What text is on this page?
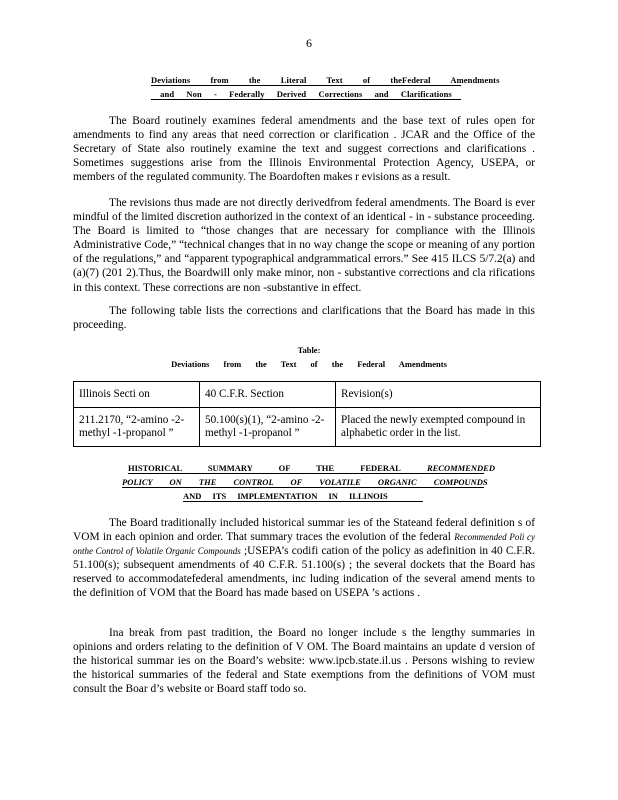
6
Deviations from the Literal Text of theFederal Amendments
and Non - Federally Derived Corrections and Clarifications

The Board routinely examines federal amendments and the base text of rules open for amendments to find any areas that need correction or clarification . JCAR and the Office of the Secretary of State also routinely examine the text and suggest corrections and clarifications . Sometimes suggestions arise from the Illinois Environmental Protection Agency, USEPA, or members of the regulated community. The Boardoften makes r evisions as a result.

The revisions thus made are not directly derivedfrom federal amendments. The Board is ever mindful of the limited discretion authorized in the context of an identical - in - substance proceeding. The Board is limited to “those changes that are necessary for compliance with the Illinois Administrative Code,” “technical changes that in no way change the scope or meaning of any portion of the regulations,” and “apparent typographical andgrammatical errors.” See 415 ILCS 5/7.2(a) and (a)(7) (201 2).Thus, the Boardwill only make minor, non - substantive corrections and cla rifications in this context. These corrections are non -substantive in effect.

The following table lists the corrections and clarifications that the Board has made in this proceeding.

Table:
Deviations from the Text of the Federal Amendments
Illinois Secti on	40 C.F.R. Section	Revision(s)
211.2170, “2-amino -2-methyl -1-propanol ”	50.100(s)(1), “2-amino -2-methyl -1-propanol ”	Placed the newly exempted compound in alphabetic order in the list.
HISTORICAL SUMMARY OF THE FEDERAL	RECOMMENDED
POLICY ON THE CONTROL OF VOLATILE ORGANIC COMPOUNDS
AND ITS IMPLEMENTATION IN ILLINOIS

The Board traditionally included historical summar ies of the Stateand federal definition s of VOM in each opinion and order. That summary traces the evolution of the federal Recommended Poli cy onthe Control of Volatile Organic Compounds ;USEPA’s codifi cation of the policy as adefinition in 40 C.F.R. 51.100(s); subsequent amendments of 40 C.F.R. 51.100(s) ; the several dockets that the Board has reserved to accommodatefederal amendments, inc luding indication of the several amend ments to the definition of VOM that the Board has made based on USEPA ’s actions .

Ina break from past tradition, the Board no longer include s the lengthy summaries in opinions and orders relating to the definition of V OM. The Board maintains an update d version of the historical summar ies on the Board’s website: www.ipcb.state.il.us . Persons wishing to review the historical summaries of the federal and State exemptions from the definitions of VOM must consult the Boar d’s website or Board staff todo so.
